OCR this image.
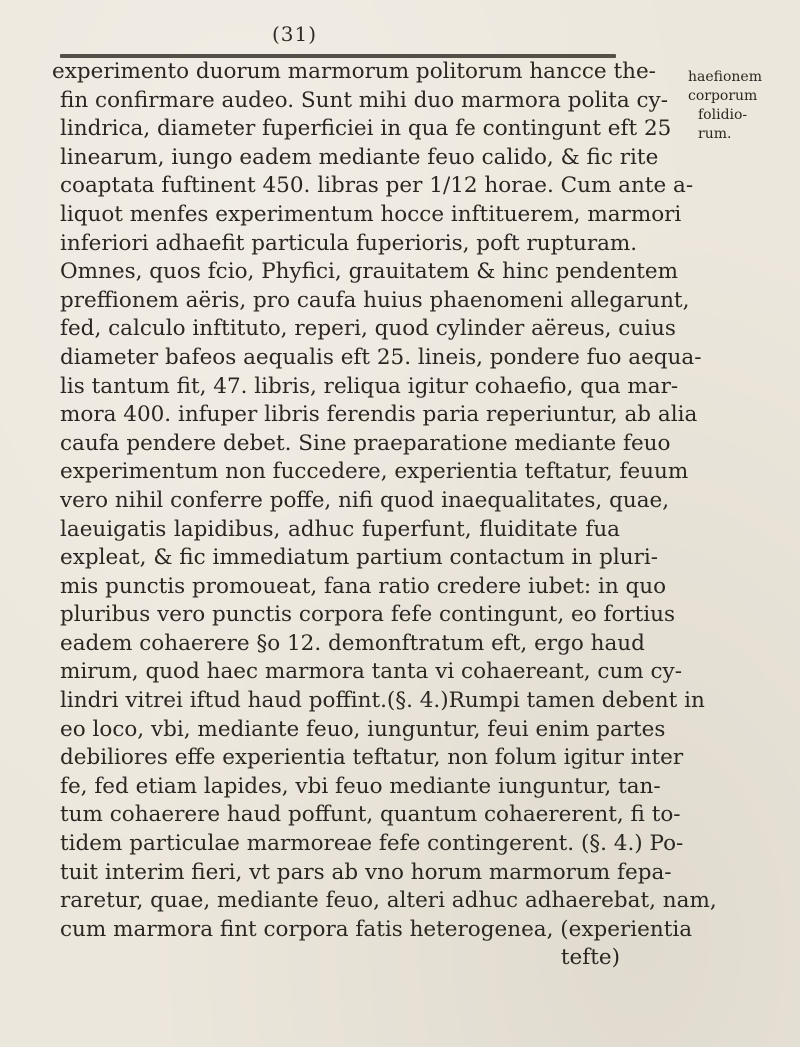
(31)
experimento duorum marmorum politorum hancce the-
fin confirmare audeo. Sunt mihi duo marmora polita cy-
lindrica, diameter fuperficiei in qua fe contingunt eft 25
linearum, iungo eadem mediante feuo calido, & fic rite
coaptata fuftinent 450. libras per 1/12 horae. Cum ante a-
liquot menfes experimentum hocce inftituerem, marmori
inferiori adhaefit particula fuperioris, poft rupturam.
Omnes, quos fcio, Phyfici, grauitatem & hinc pendentem
preffionem aëris, pro caufa huius phaenomeni allegarunt,
fed, calculo inftituto, reperi, quod cylinder aëreus, cuius
diameter bafeos aequalis eft 25. lineis, pondere fuo aequa-
lis tantum fit, 47. libris, reliqua igitur cohaefio, qua mar-
mora 400. infuper libris ferendis paria reperiuntur, ab alia
caufa pendere debet. Sine praeparatione mediante feuo
experimentum non fuccedere, experientia teftatur, feuum
vero nihil conferre poffe, nifi quod inaequalitates, quae,
laeuigatis lapidibus, adhuc fuperfunt, fluiditate fua
expleat, & fic immediatum partium contactum in pluri-
mis punctis promoueat, fana ratio credere iubet: in quo
pluribus vero punctis corpora fefe contingunt, eo fortius
eadem cohaerere §o 12. demonftratum eft, ergo haud
mirum, quod haec marmora tanta vi cohaereant, cum cy-
lindri vitrei iftud haud poffint.(§. 4.)Rumpi tamen debent in
eo loco, vbi, mediante feuo, iunguntur, feui enim partes
debiliores effe experientia teftatur, non folum igitur inter
fe, fed etiam lapides, vbi feuo mediante iunguntur, tan-
tum cohaerere haud poffunt, quantum cohaererent, fi to-
tidem particulae marmoreae fefe contingerent. (§. 4.) Po-
tuit interim fieri, vt pars ab vno horum marmorum fepa-
raretur, quae, mediante feuo, alteri adhuc adhaerebat, nam,
cum marmora fint corpora fatis heterogenea, (experientia
tefte)
haefionem
corporum
folidio-
rum.
